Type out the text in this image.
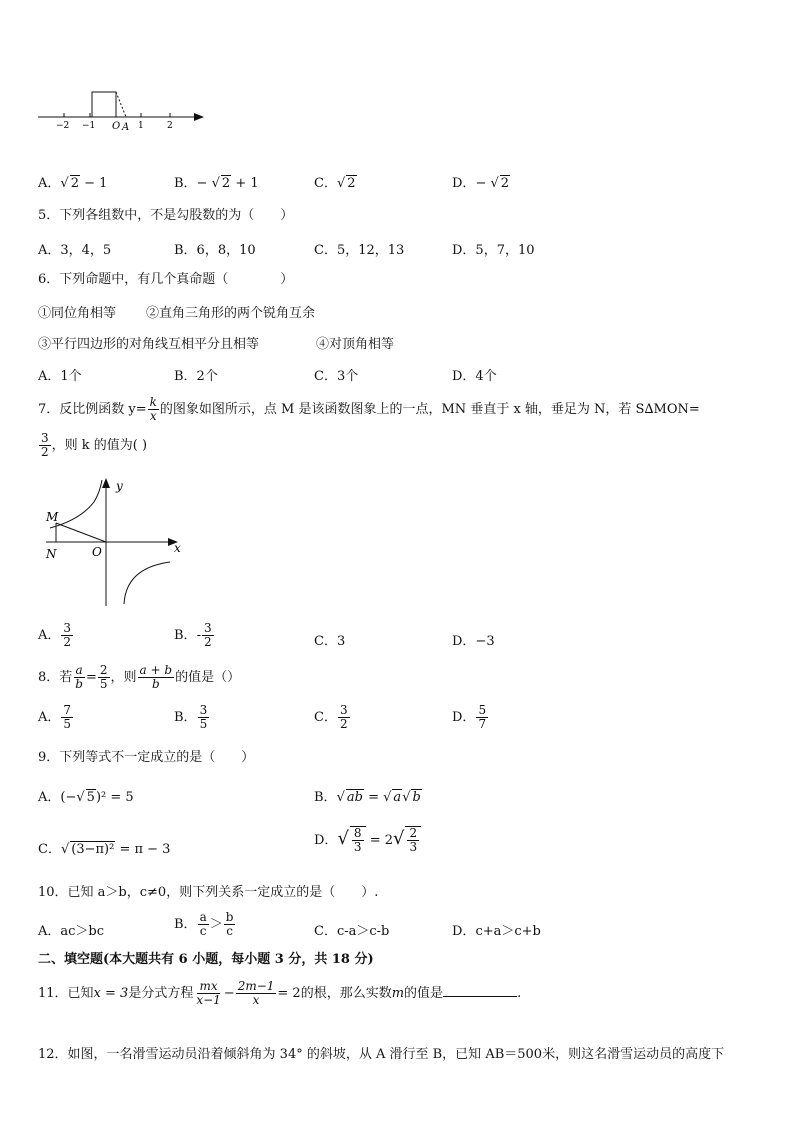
−2 −1 O A 1	2
A．√ 2 − 1	B．− √ 2 + 1	C．√ 2	D．− √ 2
5．下列各组数中，不是勾股数的为（　　）
A．3，4，5	B．6，8，10	C．5，12，13	D．5，7，10
6．下列命题中，有几个真命题（　　　　）
①同位角相等 ②直角三角形的两个锐角互余
③平行四边形的对角线互相平分且相等	④对顶角相等
A．1个	B．2个	C．3个	D．4个
7．反比例函数 $y= \frac{k}{x}$ 的图象如图所示，点 M 是该函数图象上的一点，MN 垂直于 x 轴，垂足为 N，若 S∆MON=
$\frac{3}{2}$ ，则 k 的值为( )
y
x
M
N	O
A． $\frac{3}{2}$	B．- $\frac{3}{2}$	C．3	D．−3
8．若 $\frac{a}{b} = \frac{2}{5}$ ，则 $\frac{a + b}{b}$ 的值是（）
A． $\frac{7}{5}$	B． $\frac{3}{5}$	C． $\frac{3}{2}$	D． $\frac{5}{7}$
9．下列等式不一定成立的是（　　）
A．(−√ 5)² = 5	B．√ ab = √ a√ b
C．√ (3−π)² = π − 3
D．√ $\frac{8}{3} = 2√ \frac{2}{3}$
10．已知 a＞b，c≠0，则下列关系一定成立的是（　　）.
A．ac＞bc	B． $\frac{a}{c} > \frac{b}{c}$	C．c-a＞c-b	D．c+a＞c+b
二、填空题(本大题共有 6 小题，每小题 3 分，共 18 分)
11．已知x = 3是分式方程 $\frac{mx}{x-1} - \frac{2m-1}{x} = 2$的根，那么实数m的值是	.
12．如图，一名滑雪运动员沿着倾斜角为 34° 的斜坡，从 A 滑行至 B，已知 AB＝500米，则这名滑雪运动员的高度下
